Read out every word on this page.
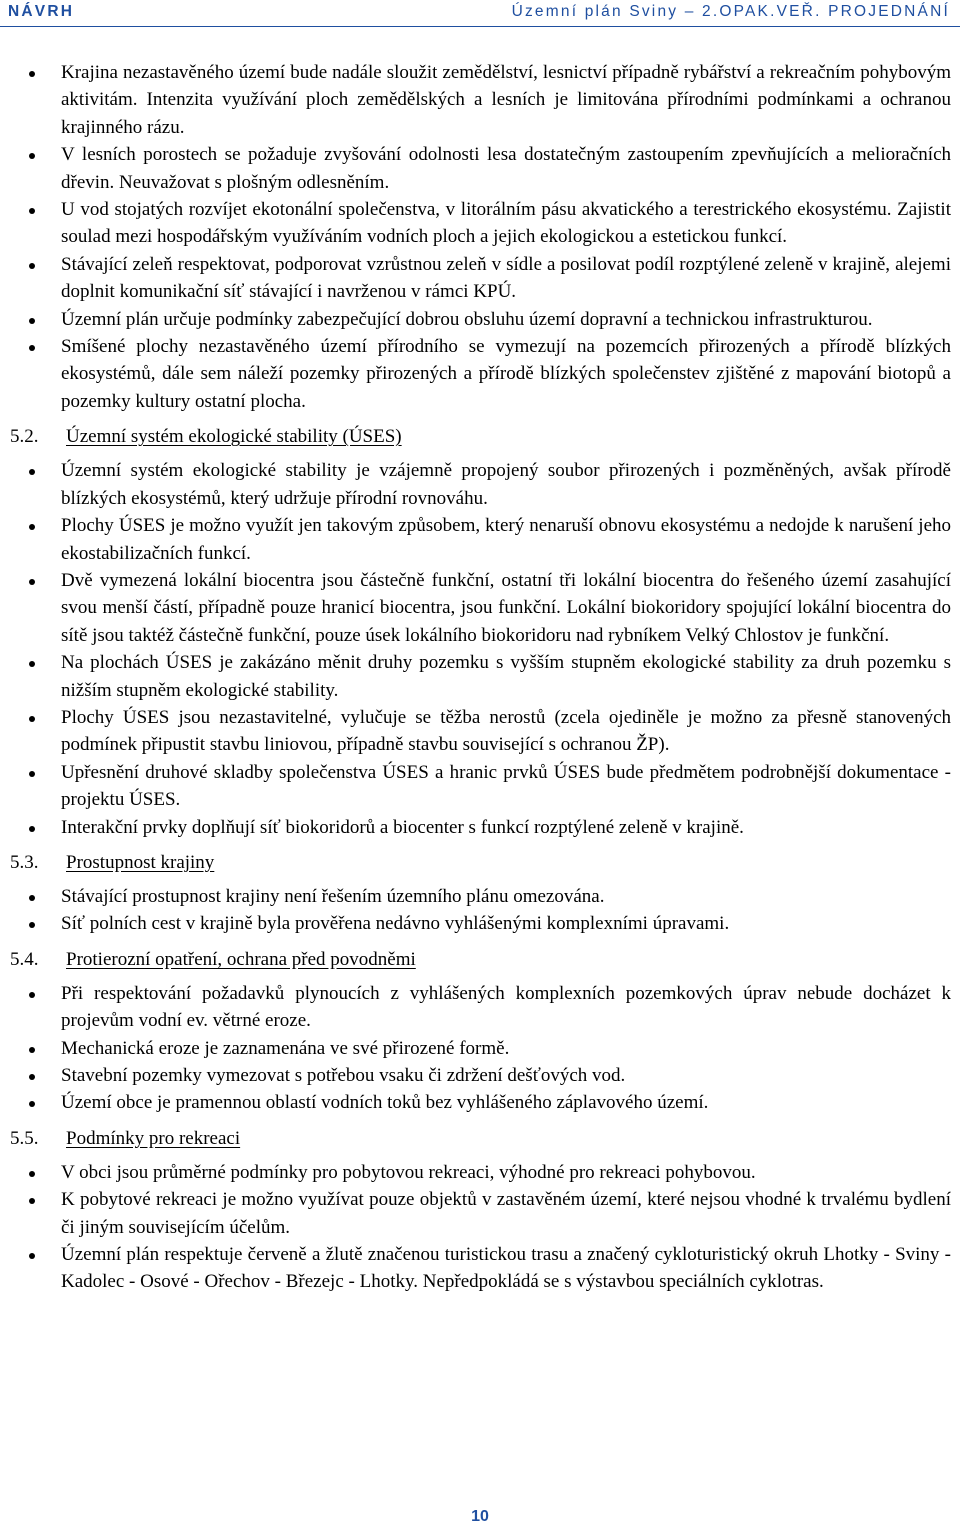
NÁVRH	Územní plán Sviny – 2.OPAK.VEŘ. PROJEDNÁNÍ
Krajina nezastavěného území bude nadále sloužit zemědělství, lesnictví případně rybářství a rekreačním pohybovým aktivitám. Intenzita využívání ploch zemědělských a lesních je limitována přírodními podmínkami a ochranou krajinného rázu.
V lesních porostech se požaduje zvyšování odolnosti lesa dostatečným zastoupením zpevňujících a melioračních dřevin. Neuvažovat s plošným odlesněním.
U vod stojatých rozvíjet ekotonální společenstva, v litorálním pásu akvatického a terestrického ekosystému. Zajistit soulad mezi hospodářským využíváním vodních ploch a jejich ekologickou a estetickou funkcí.
Stávající zeleň respektovat, podporovat vzrůstnou zeleň v sídle a posilovat podíl rozptýlené zeleně v krajině, alejemi doplnit komunikační síť stávající i navrženou v rámci KPÚ.
Územní plán určuje podmínky zabezpečující dobrou obsluhu území dopravní a technickou infrastrukturou.
Smíšené plochy nezastavěného území přírodního se vymezují na pozemcích přirozených a přírodě blízkých ekosystémů, dále sem náleží pozemky přirozených a přírodě blízkých společenstev zjištěné z mapování biotopů a pozemky kultury ostatní plocha.
5.2. Územní systém ekologické stability (ÚSES)
Územní systém ekologické stability je vzájemně propojený soubor přirozených i pozměněných, avšak přírodě blízkých ekosystémů, který udržuje přírodní rovnováhu.
Plochy ÚSES je možno využít jen takovým způsobem, který nenaruší obnovu ekosystému a nedojde k narušení jeho ekostabilizačních funkcí.
Dvě vymezená lokální biocentra jsou částečně funkční, ostatní tři lokální biocentra do řešeného území zasahující svou menší částí, případně pouze hranicí biocentra, jsou funkční. Lokální biokoridory spojující lokální biocentra do sítě jsou taktéž částečně funkční, pouze úsek lokálního biokoridoru nad rybníkem Velký Chlostov je funkční.
Na plochách ÚSES je zakázáno měnit druhy pozemku s vyšším stupněm ekologické stability za druh pozemku s nižším stupněm ekologické stability.
Plochy ÚSES jsou nezastavitelné, vylučuje se těžba nerostů (zcela ojediněle je možno za přesně stanovených podmínek připustit stavbu liniovou, případně stavbu související s ochranou ŽP).
Upřesnění druhové skladby společenstva ÚSES a hranic prvků ÚSES bude předmětem podrobnější dokumentace - projektu ÚSES.
Interakční prvky doplňují síť biokoridorů a biocenter s funkcí rozptýlené zeleně v krajině.
5.3. Prostupnost krajiny
Stávající prostupnost krajiny není řešením územního plánu omezována.
Síť polních cest v krajině byla prověřena nedávno vyhlášenými komplexními úpravami.
5.4. Protierozní opatření, ochrana před povodněmi
Při respektování požadavků plynoucích z vyhlášených komplexních pozemkových úprav nebude docházet k projevům vodní ev. větrné eroze.
Mechanická eroze je zaznamenána ve své přirozené formě.
Stavební pozemky vymezovat s potřebou vsaku či zdržení dešťových vod.
Území obce je pramennou oblastí vodních toků bez vyhlášeného záplavového území.
5.5. Podmínky pro rekreaci
V obci jsou průměrné podmínky pro pobytovou rekreaci, výhodné pro rekreaci pohybovou.
K pobytové rekreaci je možno využívat pouze objektů v zastavěném území, které nejsou vhodné k trvalému bydlení či jiným souvisejícím účelům.
Územní plán respektuje červeně a žlutě značenou turistickou trasu a značený cykloturistický okruh Lhotky - Sviny - Kadolec - Osové - Ořechov - Březejc - Lhotky. Nepředpokládá se s výstavbou speciálních cyklotras.
10
